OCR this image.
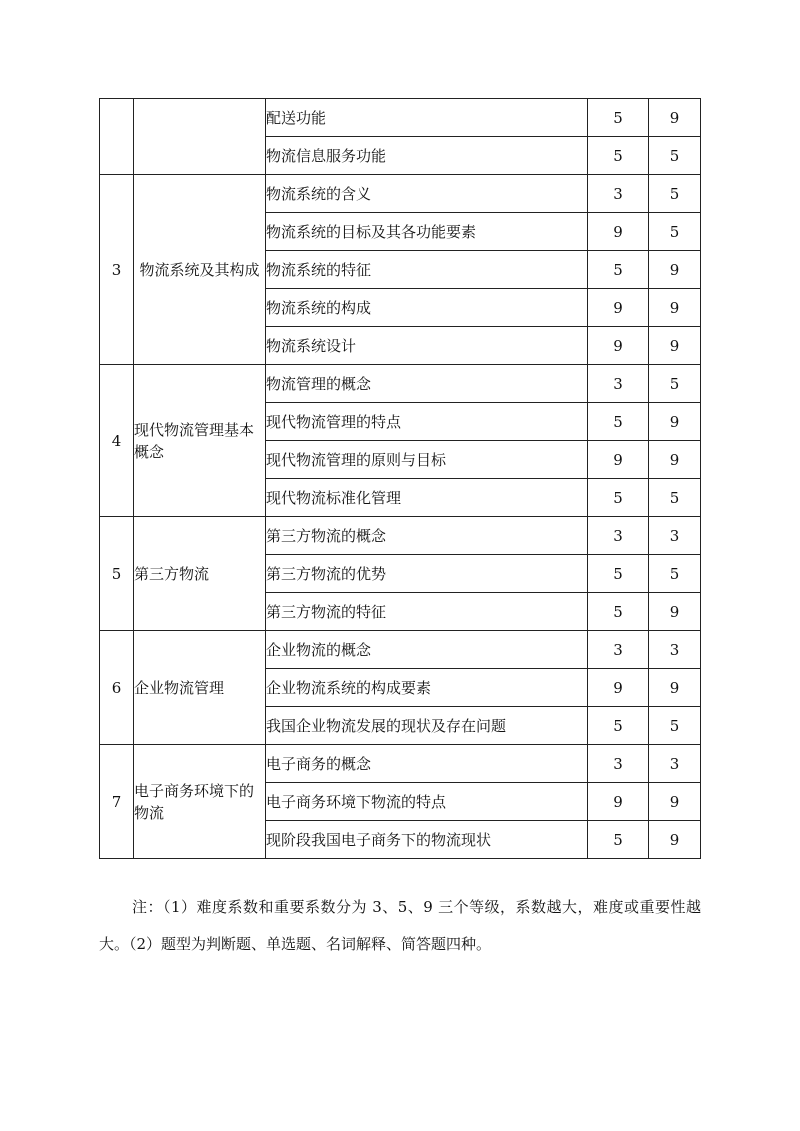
		配送功能	5	9
		物流信息服务功能	5	5
3	物流系统及其构成	物流系统的含义	3	5
		物流系统的目标及其各功能要素	9	5
		物流系统的特征	5	9
		物流系统的构成	9	9
		物流系统设计	9	9
4	现代物流管理基本概念	物流管理的概念	3	5
		现代物流管理的特点	5	9
		现代物流管理的原则与目标	9	9
		现代物流标准化管理	5	5
5	第三方物流	第三方物流的概念	3	3
		第三方物流的优势	5	5
		第三方物流的特征	5	9
6	企业物流管理	企业物流的概念	3	3
		企业物流系统的构成要素	9	9
		我国企业物流发展的现状及存在问题	5	5
7	电子商务环境下的物流	电子商务的概念	3	3
		电子商务环境下物流的特点	9	9
		现阶段我国电子商务下的物流现状	5	9

注：（1）难度系数和重要系数分为 3、5、9 三个等级，系数越大，难度或重要性越大。（2）题型为判断题、单选题、名词解释、简答题四种。
